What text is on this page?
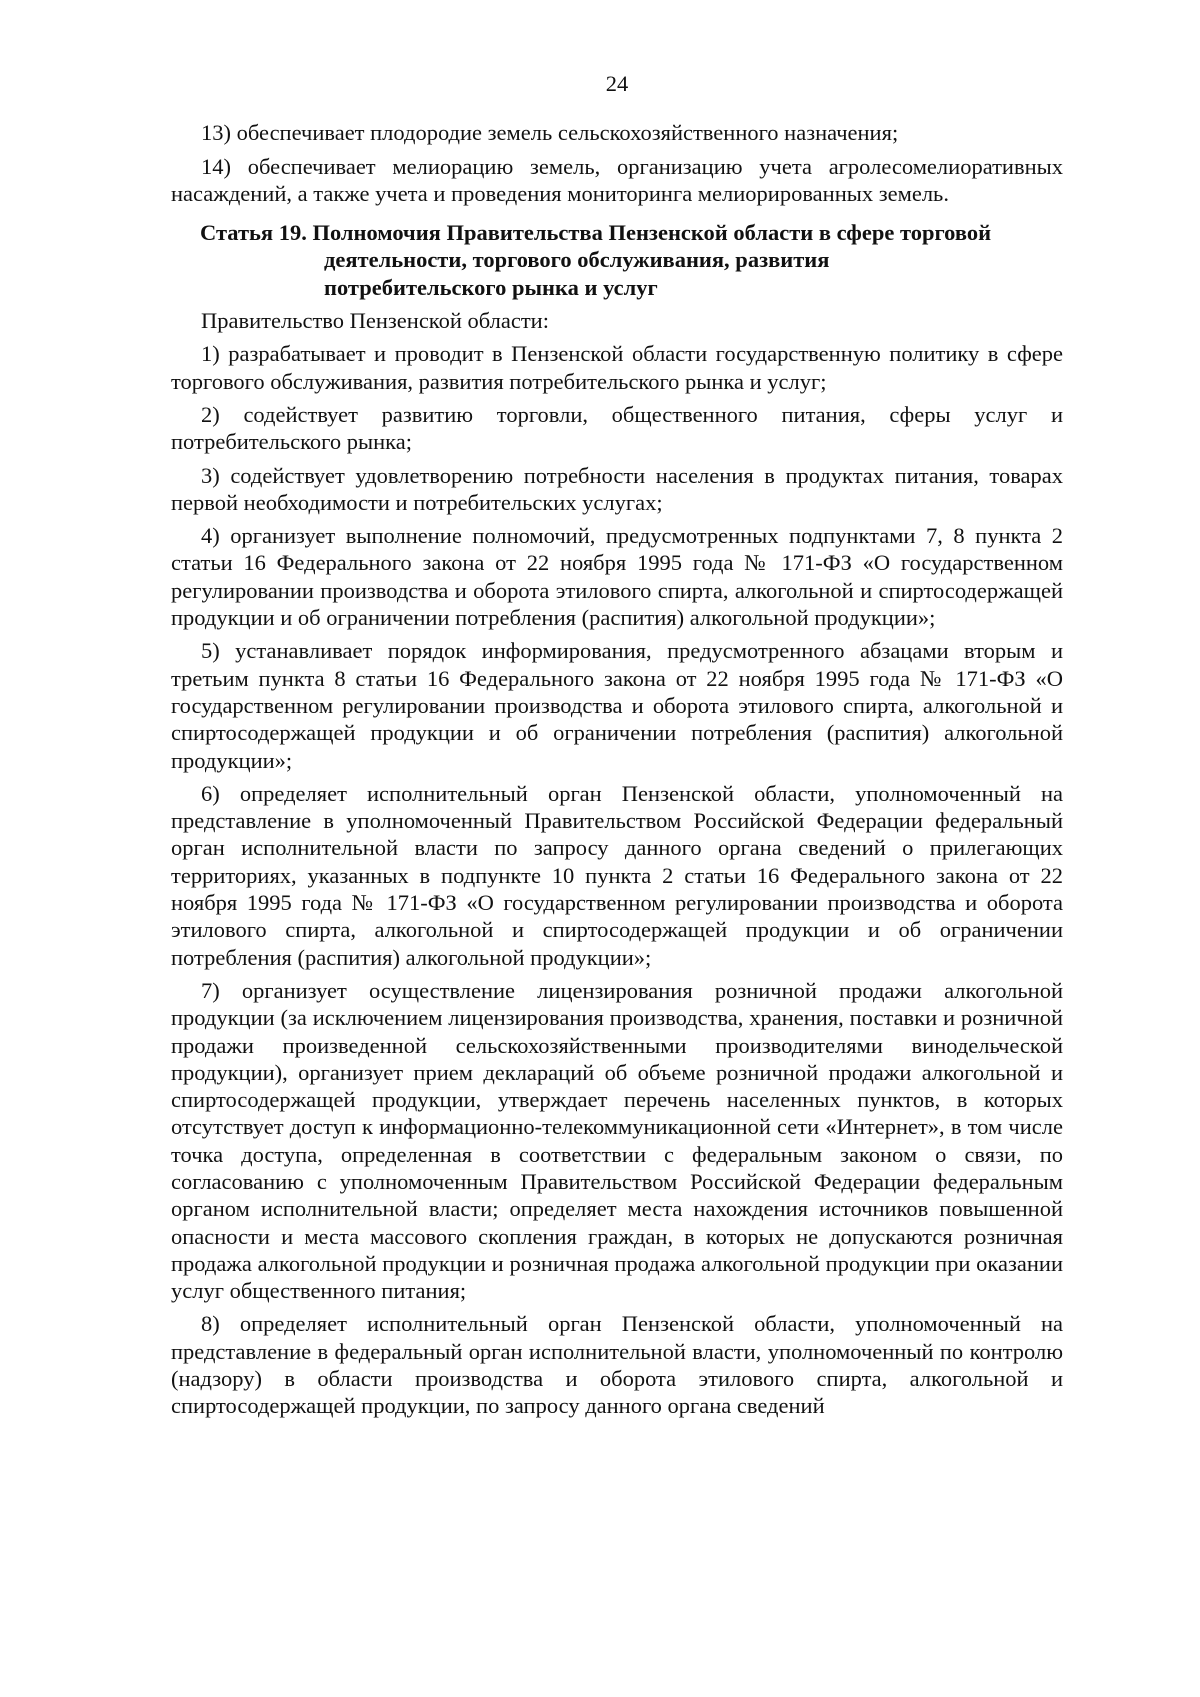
24

13) обеспечивает плодородие земель сельскохозяйственного назначения;

14) обеспечивает мелиорацию земель, организацию учета агролесомелиоративных насаждений, а также учета и проведения мониторинга мелиорированных земель.

Статья 19. Полномочия Правительства Пензенской области в сфере торговой
деятельности, торгового обслуживания, развития
потребительского рынка и услуг

Правительство Пензенской области:

1) разрабатывает и проводит в Пензенской области государственную политику в сфере торгового обслуживания, развития потребительского рынка и услуг;

2) содействует развитию торговли, общественного питания, сферы услуг и потребительского рынка;

3) содействует удовлетворению потребности населения в продуктах питания, товарах первой необходимости и потребительских услугах;

4) организует выполнение полномочий, предусмотренных подпунктами 7, 8 пункта 2 статьи 16 Федерального закона от 22 ноября 1995 года № 171-ФЗ «О государственном регулировании производства и оборота этилового спирта, алкогольной и спиртосодержащей продукции и об ограничении потребления (распития) алкогольной продукции»;

5) устанавливает порядок информирования, предусмотренного абзацами вторым и третьим пункта 8 статьи 16 Федерального закона от 22 ноября 1995 года № 171-ФЗ «О государственном регулировании производства и оборота этилового спирта, алкогольной и спиртосодержащей продукции и об ограничении потребления (распития) алкогольной продукции»;

6) определяет исполнительный орган Пензенской области, уполномоченный на представление в уполномоченный Правительством Российской Федерации федеральный орган исполнительной власти по запросу данного органа сведений о прилегающих территориях, указанных в подпункте 10 пункта 2 статьи 16 Федерального закона от 22 ноября 1995 года № 171-ФЗ «О государственном регулировании производства и оборота этилового спирта, алкогольной и спиртосодержащей продукции и об ограничении потребления (распития) алкогольной продукции»;

7) организует осуществление лицензирования розничной продажи алкогольной продукции (за исключением лицензирования производства, хранения, поставки и розничной продажи произведенной сельскохозяйственными производителями винодельческой продукции), организует прием деклараций об объеме розничной продажи алкогольной и спиртосодержащей продукции, утверждает перечень населенных пунктов, в которых отсутствует доступ к информационно-телекоммуникационной сети «Интернет», в том числе точка доступа, определенная в соответствии с федеральным законом о связи, по согласованию с уполномоченным Правительством Российской Федерации федеральным органом исполнительной власти; определяет места нахождения источников повышенной опасности и места массового скопления граждан, в которых не допускаются розничная продажа алкогольной продукции и розничная продажа алкогольной продукции при оказании услуг общественного питания;

8) определяет исполнительный орган Пензенской области, уполномоченный на представление в федеральный орган исполнительной власти, уполномоченный по контролю (надзору) в области производства и оборота этилового спирта, алкогольной и спиртосодержащей продукции, по запросу данного органа сведений
